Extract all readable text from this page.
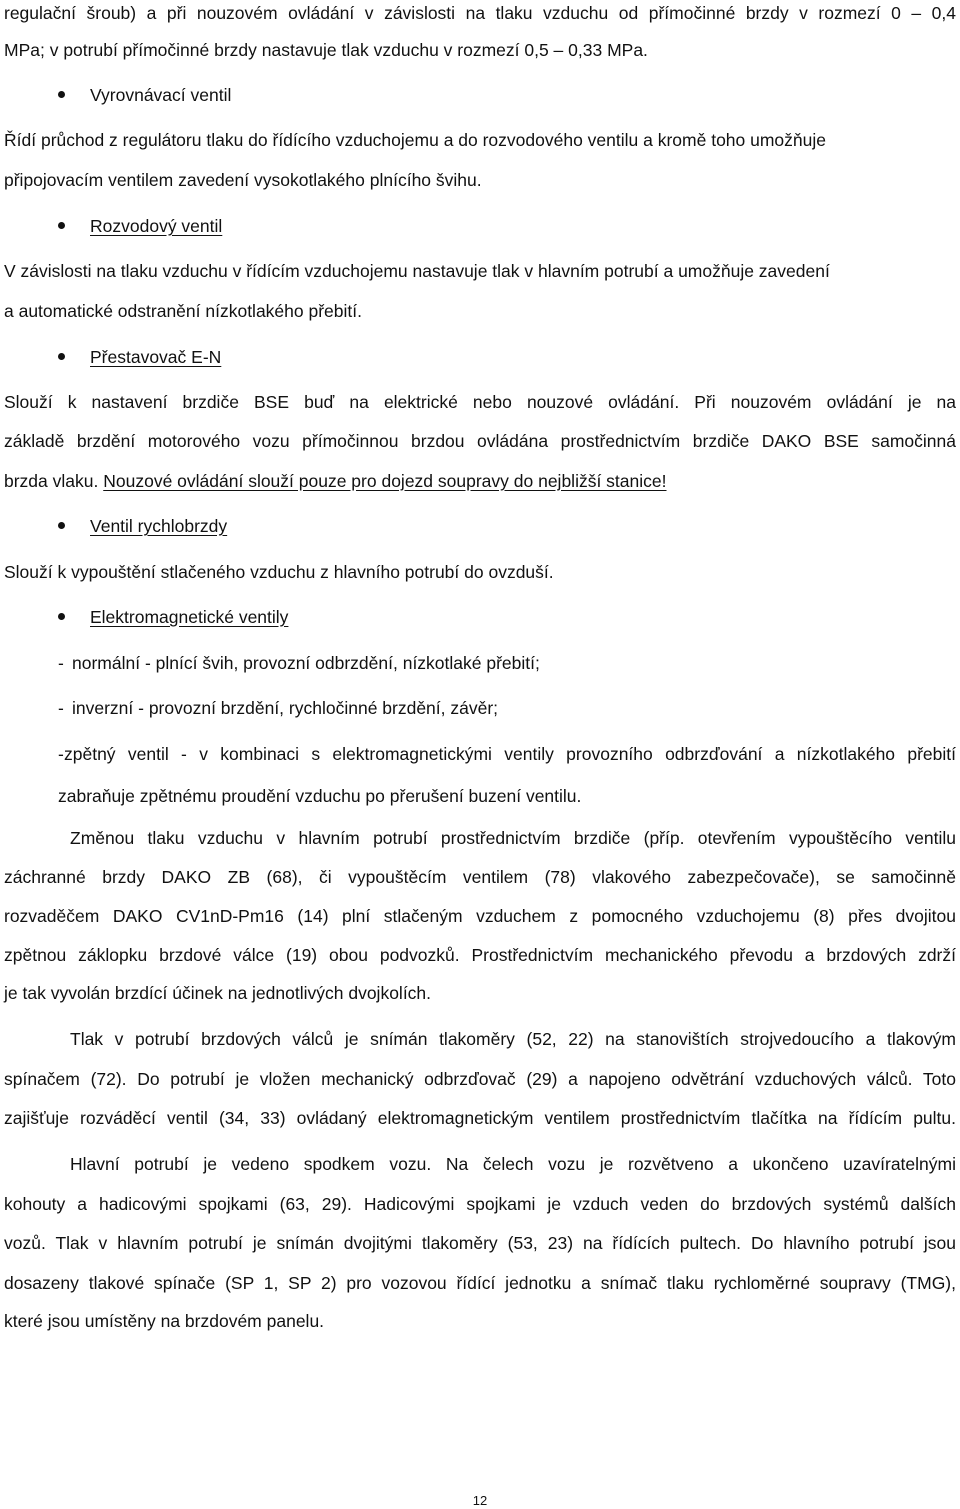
regulační šroub) a při nouzovém ovládání v závislosti na tlaku vzduchu od přímočinné brzdy v rozmezí 0 – 0,4
MPa; v potrubí přímočinné brzdy nastavuje tlak vzduchu v rozmezí 0,5 – 0,33 MPa.
Vyrovnávací ventil
Řídí průchod z regulátoru tlaku do řídícího vzduchojemu a do rozvodového ventilu a kromě toho umožňuje
připojovacím ventilem zavedení vysokotlakého plnícího švihu.
Rozvodový ventil
V závislosti na tlaku vzduchu v řídícím vzduchojemu nastavuje tlak v hlavním potrubí a umožňuje zavedení
a automatické odstranění nízkotlakého přebití.
Přestavovač E-N
Slouží k nastavení brzdiče BSE buď na elektrické nebo nouzové ovládání. Při nouzovém ovládání je na
základě brzdění motorového vozu přímočinnou brzdou ovládána prostřednictvím brzdiče DAKO BSE samočinná
brzda vlaku. Nouzové ovládání slouží pouze pro dojezd soupravy do nejbližší stanice!
Ventil rychlobrzdy
Slouží k vypouštění stlačeného vzduchu z hlavního potrubí do ovzduší.
Elektromagnetické ventily
- normální - plnící švih, provozní odbrzdění, nízkotlaké přebití;
- inverzní - provozní brzdění, rychločinné brzdění, závěr;
- zpětný ventil - v kombinaci s elektromagnetickými ventily provozního odbrzďování a nízkotlakého přebití
zabraňuje zpětnému proudění vzduchu po přerušení buzení ventilu.
Změnou tlaku vzduchu v hlavním potrubí prostřednictvím brzdiče (příp. otevřením vypouštěcího ventilu
záchranné brzdy DAKO ZB (68), či vypouštěcím ventilem (78) vlakového zabezpečovače), se samočinně
rozvaděčem DAKO CV1nD-Pm16 (14) plní stlačeným vzduchem z pomocného vzduchojemu (8) přes dvojitou
zpětnou záklopku brzdové válce (19) obou podvozků. Prostřednictvím mechanického převodu a brzdových zdrží
je tak vyvolán brzdící účinek na jednotlivých dvojkolích.
Tlak v potrubí brzdových válců je snímán tlakoměry (52, 22) na stanovištích strojvedoucího a tlakovým
spínačem (72). Do potrubí je vložen mechanický odbrzďovač (29) a napojeno odvětrání vzduchových válců. Toto
zajišťuje rozváděcí ventil (34, 33) ovládaný elektromagnetickým ventilem prostřednictvím tlačítka na řídícím pultu.
Hlavní potrubí je vedeno spodkem vozu. Na čelech vozu je rozvětveno a ukončeno uzavíratelnými
kohouty a hadicovými spojkami (63, 29). Hadicovými spojkami je vzduch veden do brzdových systémů dalších
vozů. Tlak v hlavním potrubí je snímán dvojitými tlakoměry (53, 23) na řídících pultech. Do hlavního potrubí jsou
dosazeny tlakové spínače (SP 1, SP 2) pro vozovou řídící jednotku a snímač tlaku rychloměrné soupravy (TMG),
které jsou umístěny na brzdovém panelu.
12
